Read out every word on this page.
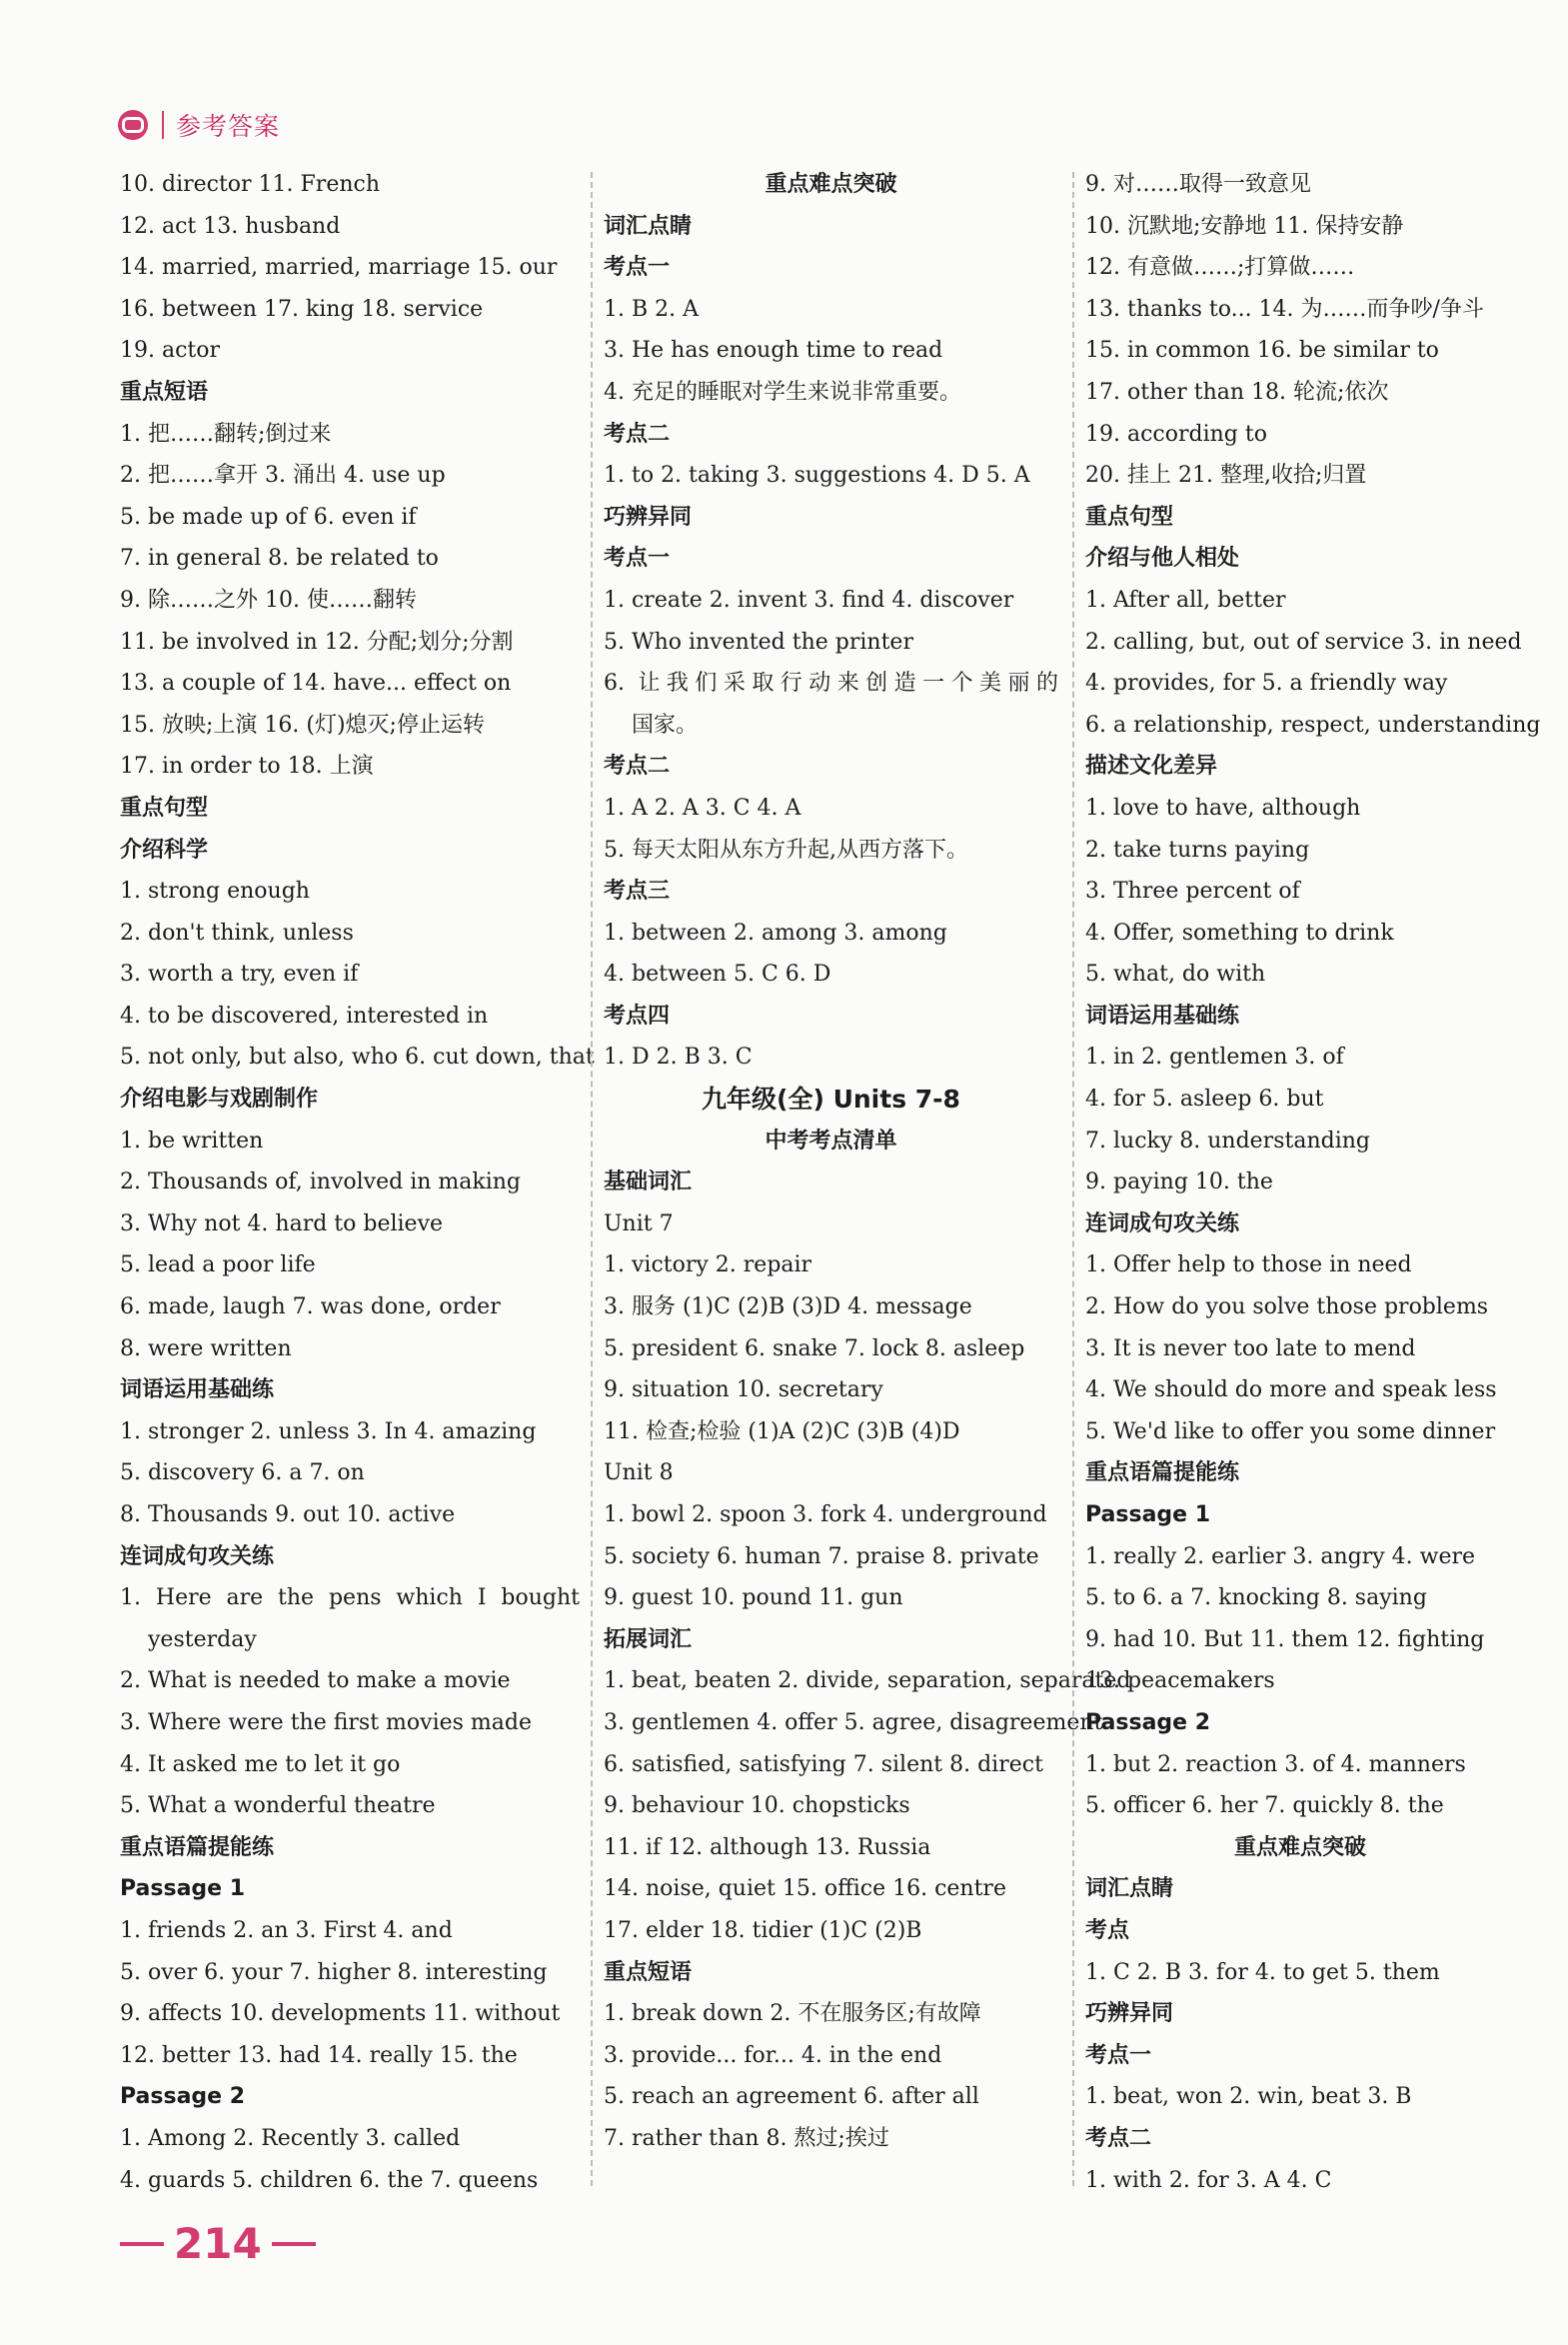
参考答案
10. director 11. French
12. act 13. husband
14. married, married, marriage 15. our
16. between 17. king 18. service
19. actor
重点短语
1. 把……翻转;倒过来
2. 把……拿开 3. 涌出 4. use up
5. be made up of 6. even if
7. in general 8. be related to
9. 除……之外 10. 使……翻转
11. be involved in 12. 分配;划分;分割
13. a couple of 14. have... effect on
15. 放映;上演 16. (灯)熄灭;停止运转
17. in order to 18. 上演
重点句型
介绍科学
1. strong enough
2. don't think, unless
3. worth a try, even if
4. to be discovered, interested in
5. not only, but also, who 6. cut down, that
介绍电影与戏剧制作
1. be written
2. Thousands of, involved in making
3. Why not 4. hard to believe
5. lead a poor life
6. made, laugh 7. was done, order
8. were written
词语运用基础练
1. stronger 2. unless 3. In 4. amazing
5. discovery 6. a 7. on
8. Thousands 9. out 10. active
连词成句攻关练
1. Here are the pens which I bought
yesterday
2. What is needed to make a movie
3. Where were the first movies made
4. It asked me to let it go
5. What a wonderful theatre
重点语篇提能练
Passage 1
1. friends 2. an 3. First 4. and
5. over 6. your 7. higher 8. interesting
9. affects 10. developments 11. without
12. better 13. had 14. really 15. the
Passage 2
1. Among 2. Recently 3. called
4. guards 5. children 6. the 7. queens
重点难点突破
词汇点睛
考点一
1. B 2. A
3. He has enough time to read
4. 充足的睡眠对学生来说非常重要。
考点二
1. to 2. taking 3. suggestions 4. D 5. A
巧辨异同
考点一
1. create 2. invent 3. find 4. discover
5. Who invented the printer
6. 让我们采取行动来创造一个美丽的
国家。
考点二
1. A 2. A 3. C 4. A
5. 每天太阳从东方升起,从西方落下。
考点三
1. between 2. among 3. among
4. between 5. C 6. D
考点四
1. D 2. B 3. C
九年级(全) Units 7-8
中考考点清单
基础词汇
Unit 7
1. victory 2. repair
3. 服务 (1)C (2)B (3)D 4. message
5. president 6. snake 7. lock 8. asleep
9. situation 10. secretary
11. 检查;检验 (1)A (2)C (3)B (4)D
Unit 8
1. bowl 2. spoon 3. fork 4. underground
5. society 6. human 7. praise 8. private
9. guest 10. pound 11. gun
拓展词汇
1. beat, beaten 2. divide, separation, separated
3. gentlemen 4. offer 5. agree, disagreement
6. satisfied, satisfying 7. silent 8. direct
9. behaviour 10. chopsticks
11. if 12. although 13. Russia
14. noise, quiet 15. office 16. centre
17. elder 18. tidier (1)C (2)B
重点短语
1. break down 2. 不在服务区;有故障
3. provide... for... 4. in the end
5. reach an agreement 6. after all
7. rather than 8. 熬过;挨过
9. 对……取得一致意见
10. 沉默地;安静地 11. 保持安静
12. 有意做……;打算做……
13. thanks to... 14. 为……而争吵/争斗
15. in common 16. be similar to
17. other than 18. 轮流;依次
19. according to
20. 挂上 21. 整理,收拾;归置
重点句型
介绍与他人相处
1. After all, better
2. calling, but, out of service 3. in need
4. provides, for 5. a friendly way
6. a relationship, respect, understanding
描述文化差异
1. love to have, although
2. take turns paying
3. Three percent of
4. Offer, something to drink
5. what, do with
词语运用基础练
1. in 2. gentlemen 3. of
4. for 5. asleep 6. but
7. lucky 8. understanding
9. paying 10. the
连词成句攻关练
1. Offer help to those in need
2. How do you solve those problems
3. It is never too late to mend
4. We should do more and speak less
5. We'd like to offer you some dinner
重点语篇提能练
Passage 1
1. really 2. earlier 3. angry 4. were
5. to 6. a 7. knocking 8. saying
9. had 10. But 11. them 12. fighting
13. peacemakers
Passage 2
1. but 2. reaction 3. of 4. manners
5. officer 6. her 7. quickly 8. the
重点难点突破
词汇点睛
考点
1. C 2. B 3. for 4. to get 5. them
巧辨异同
考点一
1. beat, won 2. win, beat 3. B
考点二
1. with 2. for 3. A 4. C
214
